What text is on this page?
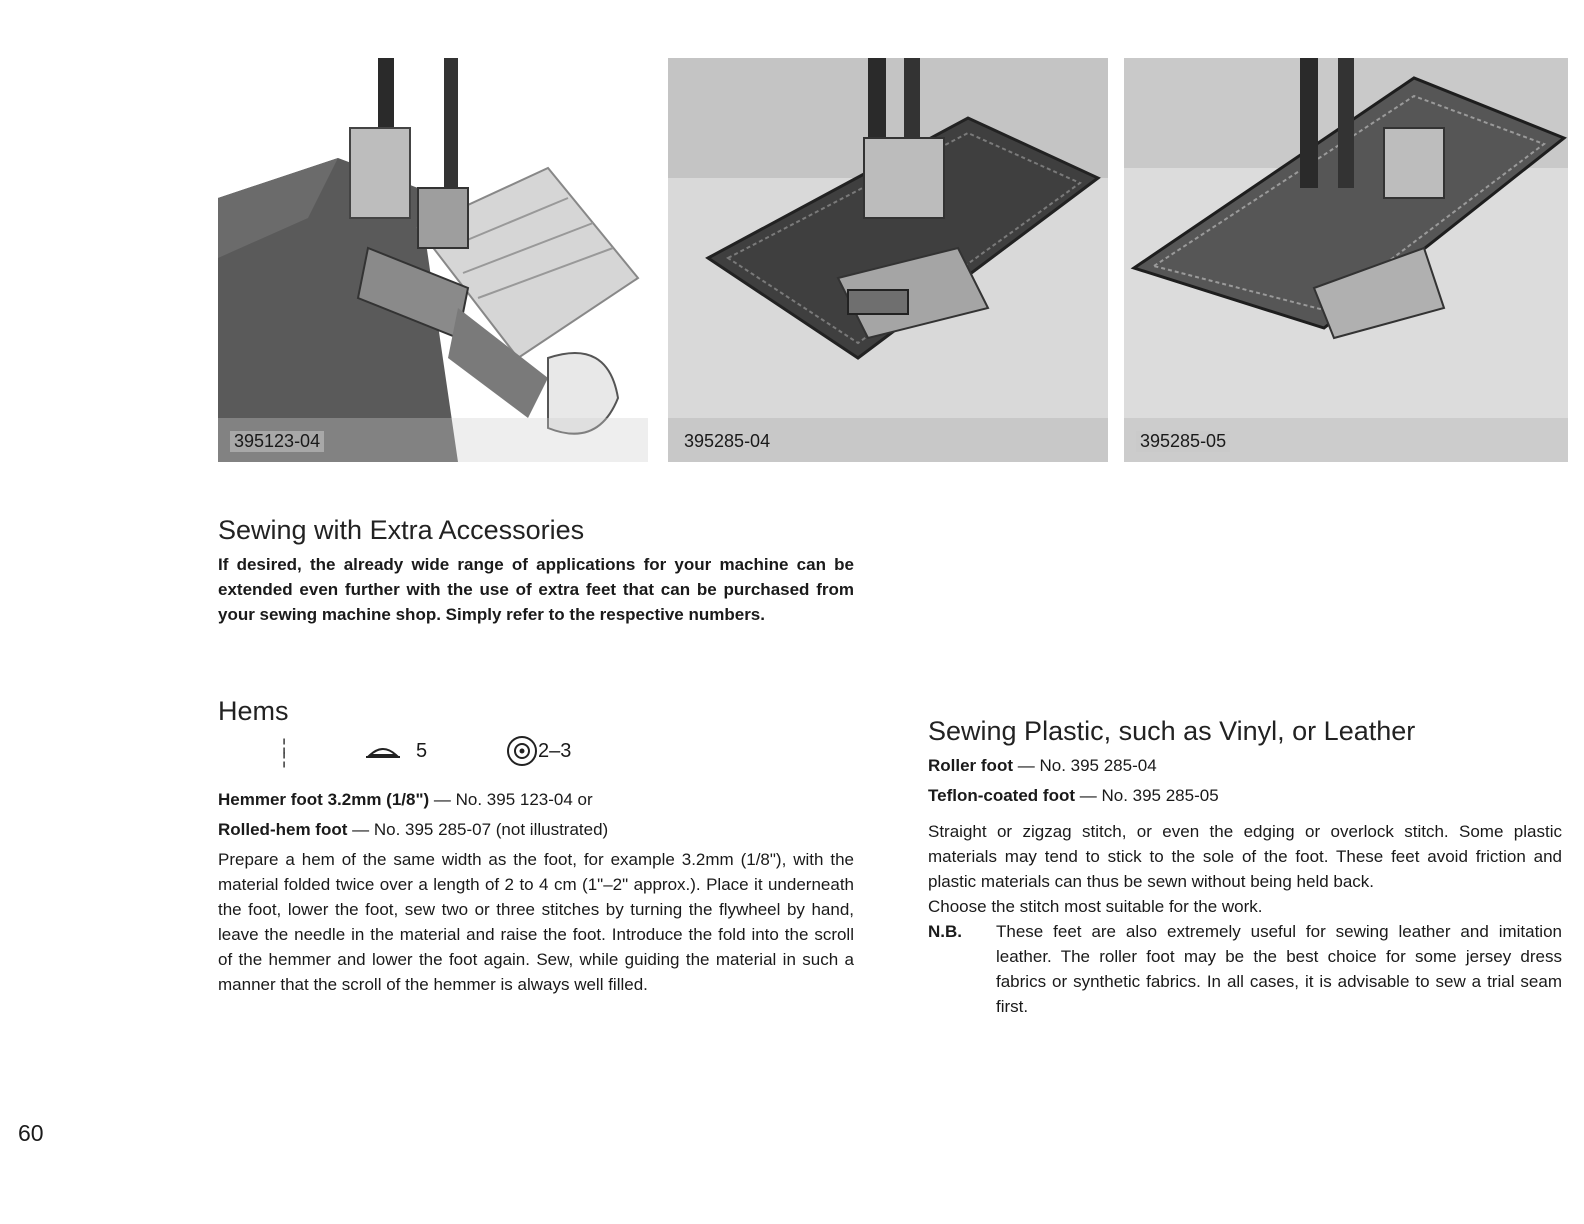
395123-04	395285-04	395285-05
Sewing with Extra Accessories

If desired, the already wide range of applications for your machine can be extended even further with the use of extra feet that can be purchased from your sewing machine shop. Simply refer to the respective numbers.

Hems
¦
¦	5	2–3

Hemmer foot 3.2mm (1/8") — No. 395 123-04 or

Rolled-hem foot — No. 395 285-07 (not illustrated)

Prepare a hem of the same width as the foot, for example 3.2mm (1/8"), with the material folded twice over a length of 2 to 4 cm (1"–2" approx.). Place it underneath the foot, lower the foot, sew two or three stitches by turning the flywheel by hand, leave the needle in the material and raise the foot. Introduce the fold into the scroll of the hemmer and lower the foot again. Sew, while guiding the material in such a manner that the scroll of the hemmer is always well filled.

Sewing Plastic, such as Vinyl, or Leather

Roller foot — No. 395 285-04

Teflon-coated foot — No. 395 285-05

Straight or zigzag stitch, or even the edging or overlock stitch. Some plastic materials may tend to stick to the sole of the foot. These feet avoid friction and plastic materials can thus be sewn without being held back.

Choose the stitch most suitable for the work.

N.B.	These feet are also extremely useful for sewing leather and imitation leather. The roller foot may be the best choice for some jersey dress fabrics or synthetic fabrics. In all cases, it is advisable to sew a trial seam first.
60
